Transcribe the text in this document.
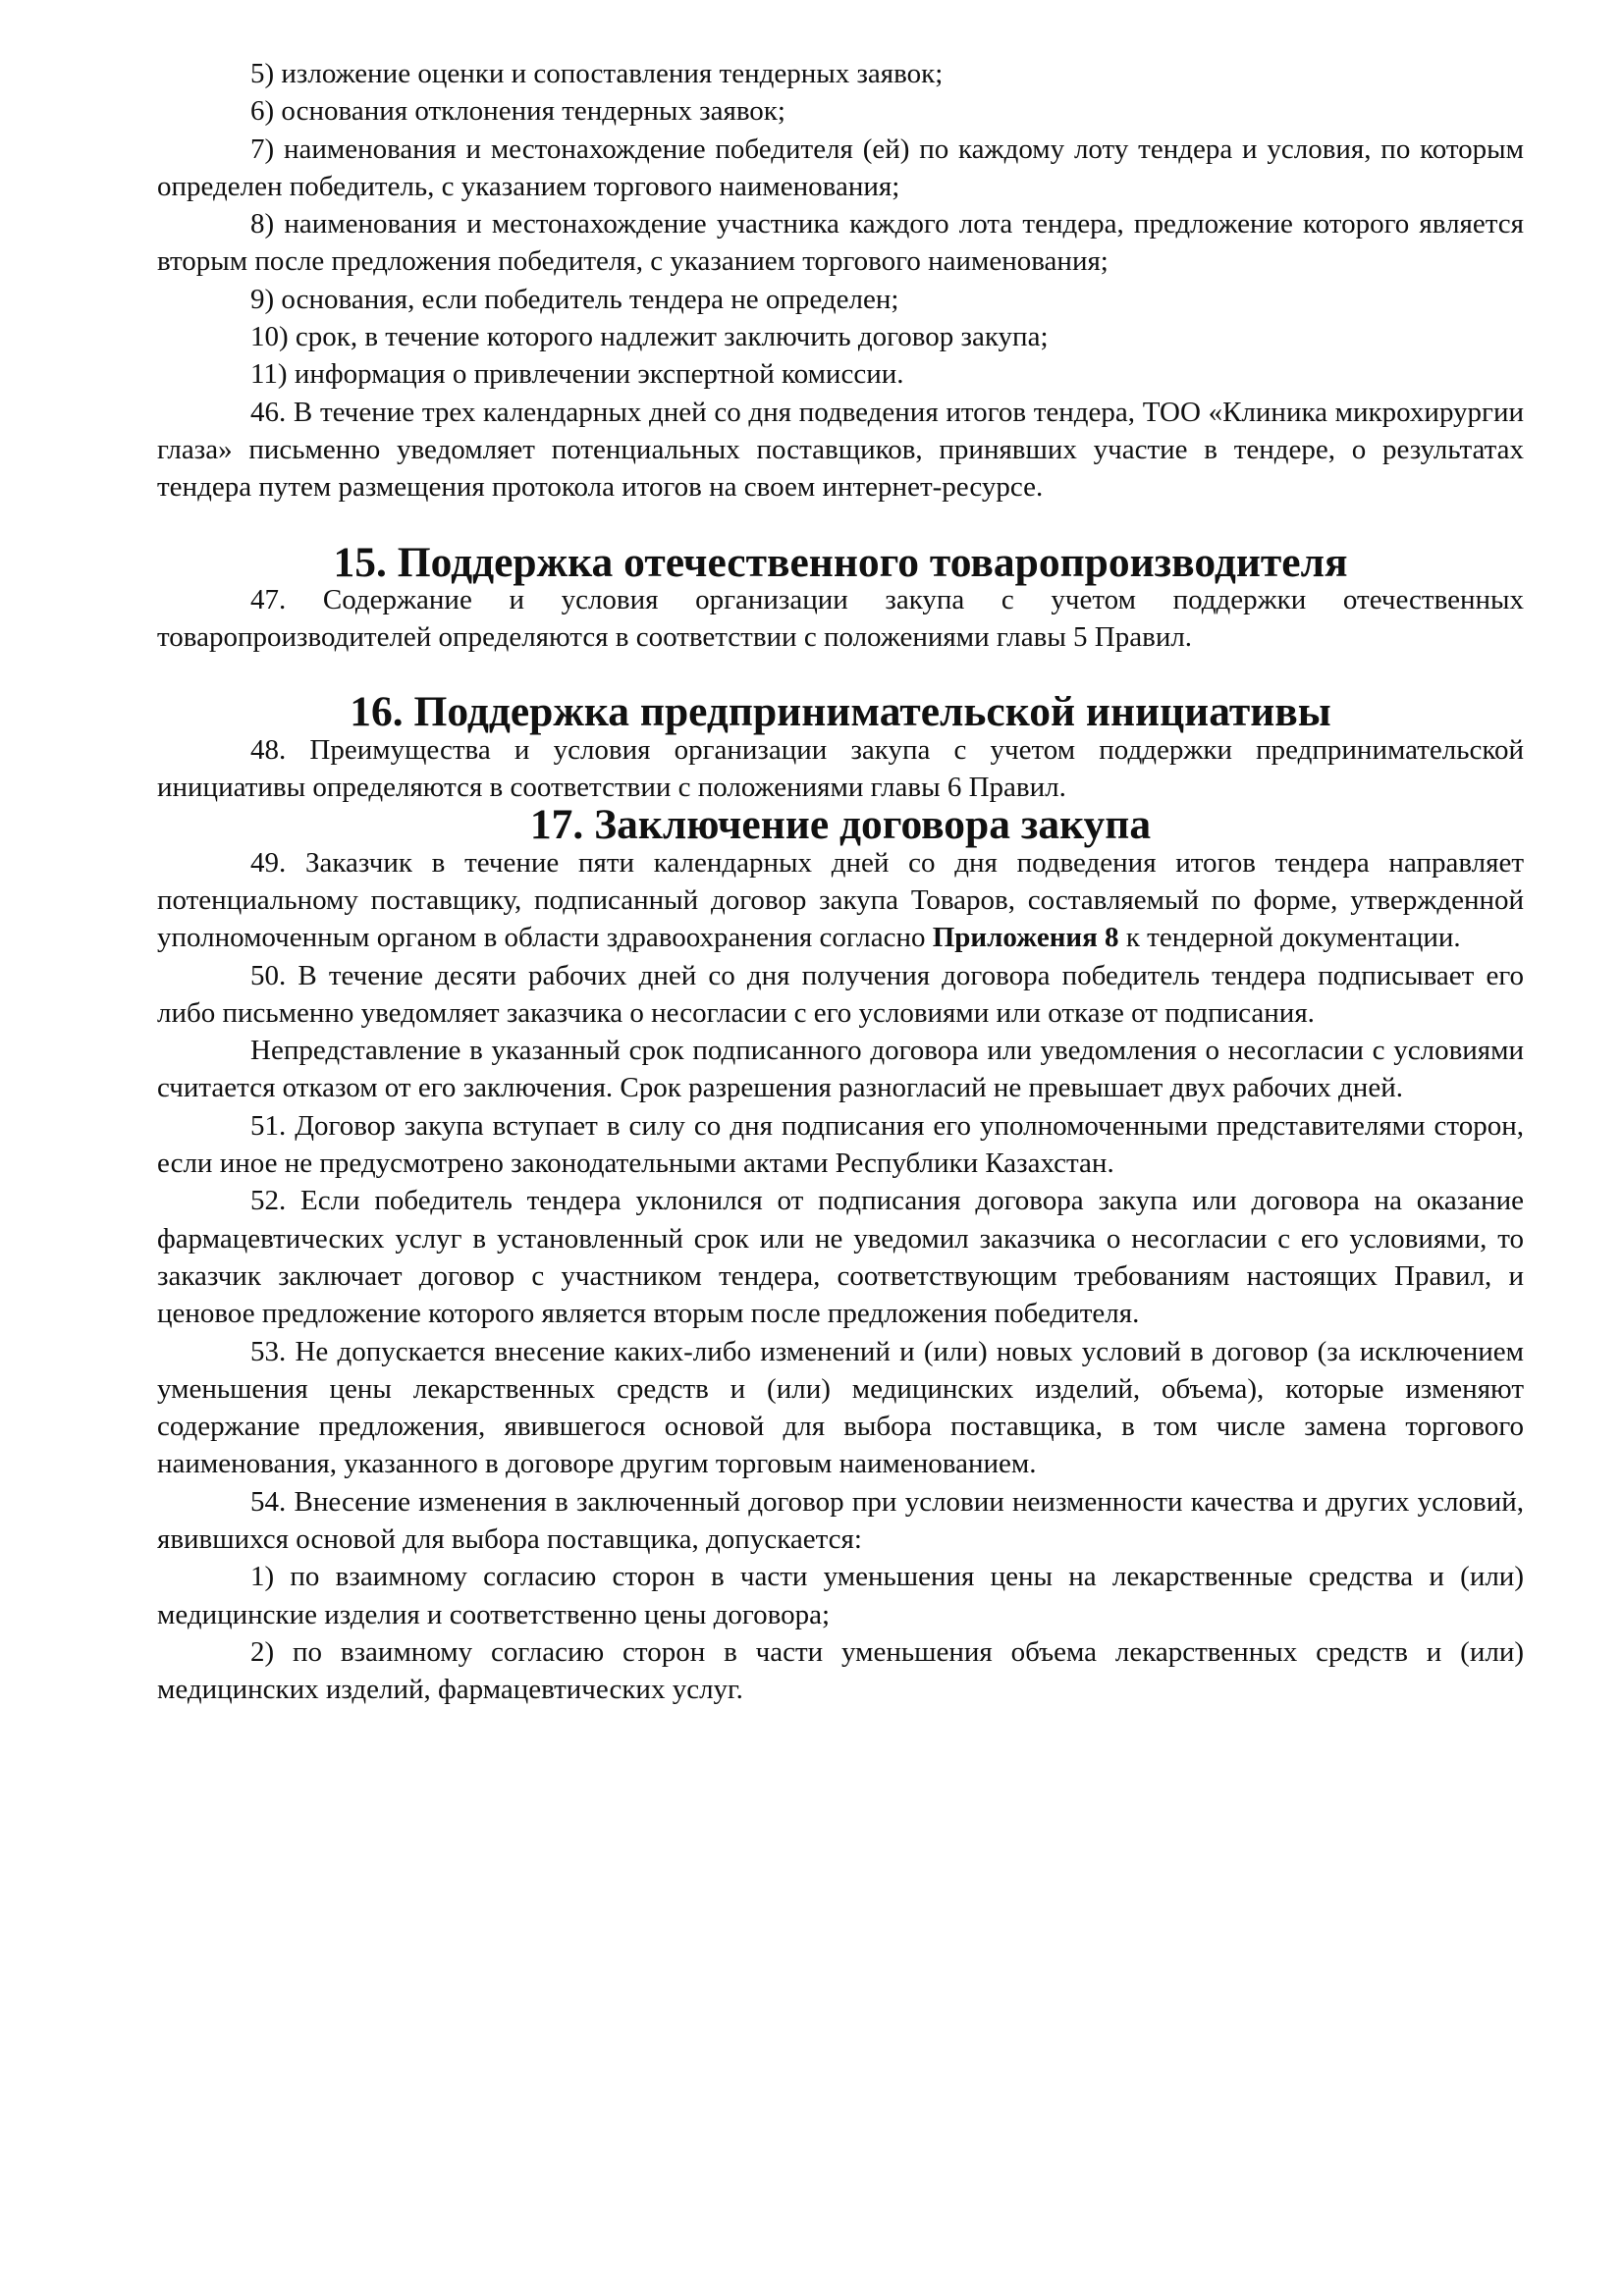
5) изложение оценки и сопоставления тендерных заявок;

6) основания отклонения тендерных заявок;

7) наименования и местонахождение победителя (ей) по каждому лоту тендера и условия, по которым определен победитель, с указанием торгового наименования;

8) наименования и местонахождение участника каждого лота тендера, предложение которого является вторым после предложения победителя, с указанием торгового наименования;

9) основания, если победитель тендера не определен;

10) срок, в течение которого надлежит заключить договор закупа;

11) информация о привлечении экспертной комиссии.

46. В течение трех календарных дней со дня подведения итогов тендера, ТОО «Клиника микрохирургии глаза» письменно уведомляет потенциальных поставщиков, принявших участие в тендере, о результатах тендера путем размещения протокола итогов на своем интернет-ресурсе.

15. Поддержка отечественного товаропроизводителя

47. Содержание и условия организации закупа с учетом поддержки отечественных товаропроизводителей определяются в соответствии с положениями главы 5 Правил.

16. Поддержка предпринимательской инициативы

48. Преимущества и условия организации закупа с учетом поддержки предпринимательской инициативы определяются в соответствии с положениями главы 6 Правил.

17. Заключение договора закупа

49. Заказчик в течение пяти календарных дней со дня подведения итогов тендера направляет потенциальному поставщику, подписанный договор закупа Товаров, составляемый по форме, утвержденной уполномоченным органом в области здравоохранения согласно Приложения 8 к тендерной документации.

50. В течение десяти рабочих дней со дня получения договора победитель тендера подписывает его либо письменно уведомляет заказчика о несогласии с его условиями или отказе от подписания.

Непредставление в указанный срок подписанного договора или уведомления о несогласии с условиями считается отказом от его заключения. Срок разрешения разногласий не превышает двух рабочих дней.

51. Договор закупа вступает в силу со дня подписания его уполномоченными представителями сторон, если иное не предусмотрено законодательными актами Республики Казахстан.

52. Если победитель тендера уклонился от подписания договора закупа или договора на оказание фармацевтических услуг в установленный срок или не уведомил заказчика о несогласии с его условиями, то заказчик заключает договор с участником тендера, соответствующим требованиям настоящих Правил, и ценовое предложение которого является вторым после предложения победителя.

53. Не допускается внесение каких-либо изменений и (или) новых условий в договор (за исключением уменьшения цены лекарственных средств и (или) медицинских изделий, объема), которые изменяют содержание предложения, явившегося основой для выбора поставщика, в том числе замена торгового наименования, указанного в договоре другим торговым наименованием.

54. Внесение изменения в заключенный договор при условии неизменности качества и других условий, явившихся основой для выбора поставщика, допускается:

1) по взаимному согласию сторон в части уменьшения цены на лекарственные средства и (или) медицинские изделия и соответственно цены договора;

2) по взаимному согласию сторон в части уменьшения объема лекарственных средств и (или) медицинских изделий, фармацевтических услуг.
